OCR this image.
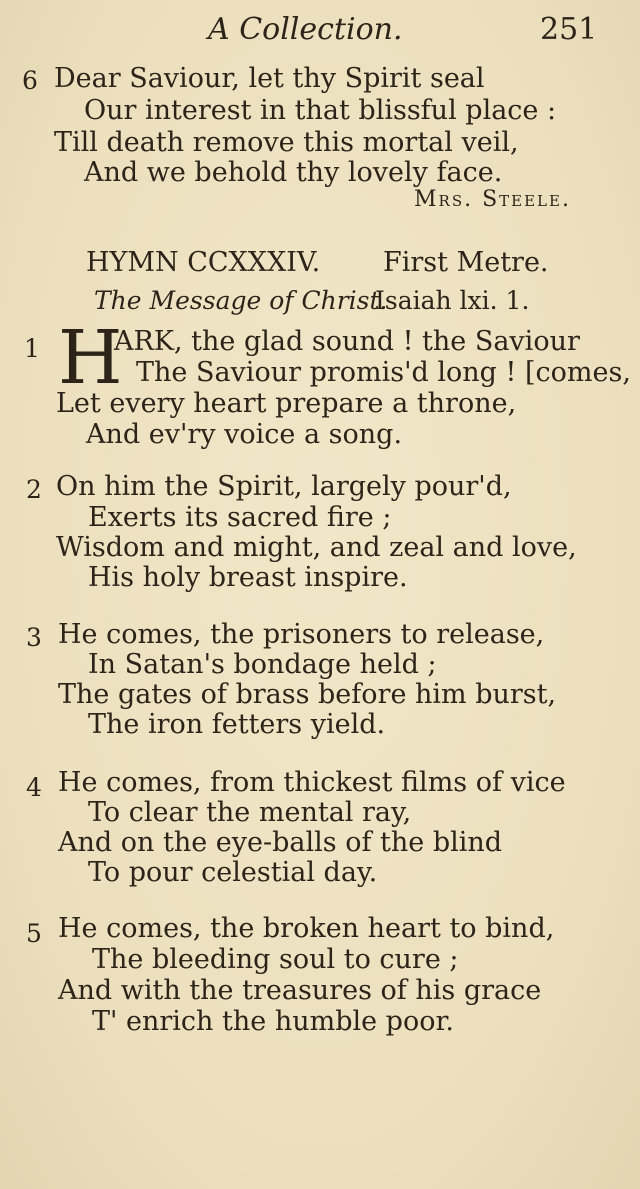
A Collection.	251
6 Dear Saviour, let thy Spirit seal
Our interest in that blissful place :
Till death remove this mortal veil,
And we behold thy lovely face.
Mrs. Steele.
HYMN CCXXXIV. First Metre.
The Message of Christ.
Isaiah lxi. 1.
1 H
ARK, the glad sound ! the Saviour
The Saviour promis'd long ! [comes,
Let every heart prepare a throne,
And ev'ry voice a song.
2 On him the Spirit, largely pour'd,
Exerts its sacred fire ;
Wisdom and might, and zeal and love,
His holy breast inspire.
3 He comes, the prisoners to release,
In Satan's bondage held ;
The gates of brass before him burst,
The iron fetters yield.
4 He comes, from thickest films of vice
To clear the mental ray,
And on the eye-balls of the blind
To pour celestial day.
5 He comes, the broken heart to bind,
The bleeding soul to cure ;
And with the treasures of his grace
T' enrich the humble poor.
